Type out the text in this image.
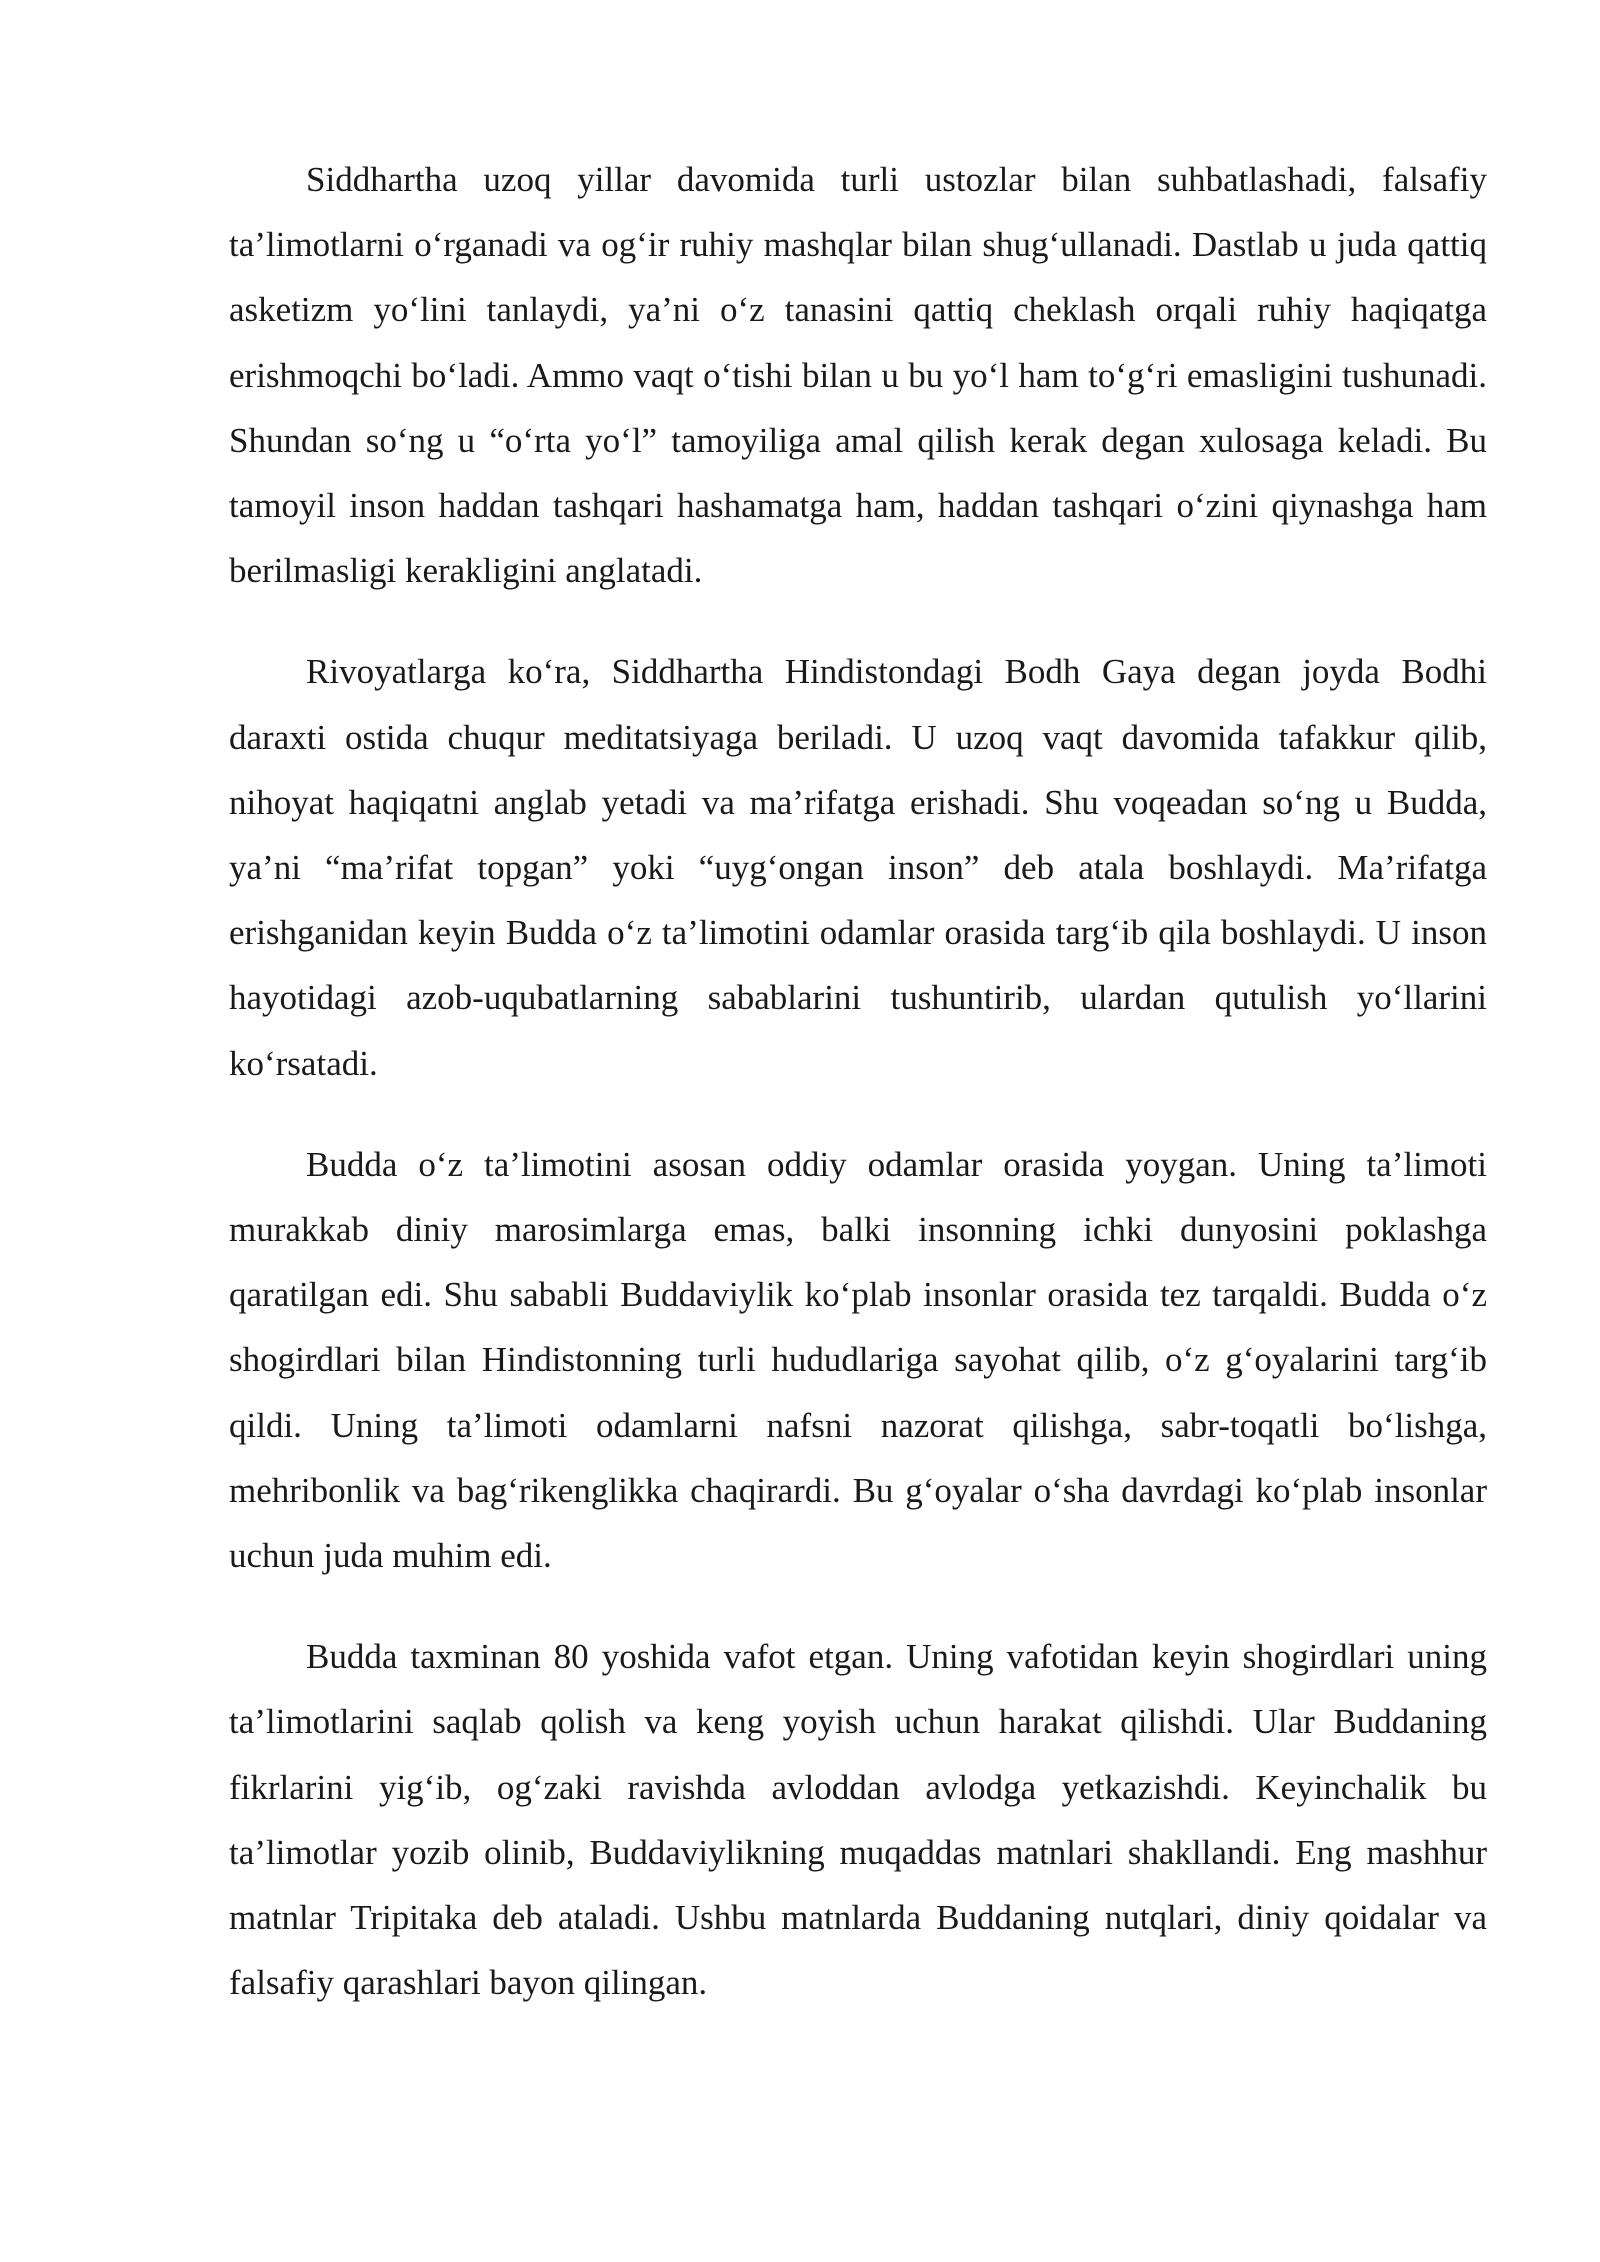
Siddhartha uzoq yillar davomida turli ustozlar bilan suhbatlashadi, falsafiy ta’limotlarni o‘rganadi va og‘ir ruhiy mashqlar bilan shug‘ullanadi. Dastlab u juda qattiq asketizm yo‘lini tanlaydi, ya’ni o‘z tanasini qattiq cheklash orqali ruhiy haqiqatga erishmoqchi bo‘ladi. Ammo vaqt o‘tishi bilan u bu yo‘l ham to‘g‘ri emasligini tushunadi. Shundan so‘ng u “o‘rta yo‘l” tamoyiliga amal qilish kerak degan xulosaga keladi. Bu tamoyil inson haddan tashqari hashamatga ham, haddan tashqari o‘zini qiynashga ham berilmasligi kerakligini anglatadi.

Rivoyatlarga ko‘ra, Siddhartha Hindistondagi Bodh Gaya degan joyda Bodhi daraxti ostida chuqur meditatsiyaga beriladi. U uzoq vaqt davomida tafakkur qilib, nihoyat haqiqatni anglab yetadi va ma’rifatga erishadi. Shu voqeadan so‘ng u Budda, ya’ni “ma’rifat topgan” yoki “uyg‘ongan inson” deb atala boshlaydi. Ma’rifatga erishganidan keyin Budda o‘z ta’limotini odamlar orasida targ‘ib qila boshlaydi. U inson hayotidagi azob-uqubatlarning sabablarini tushuntirib, ulardan qutulish yo‘llarini ko‘rsatadi.

Budda o‘z ta’limotini asosan oddiy odamlar orasida yoygan. Uning ta’limoti murakkab diniy marosimlarga emas, balki insonning ichki dunyosini poklashga qaratilgan edi. Shu sababli Buddaviylik ko‘plab insonlar orasida tez tarqaldi. Budda o‘z shogirdlari bilan Hindistonning turli hududlariga sayohat qilib, o‘z g‘oyalarini targ‘ib qildi. Uning ta’limoti odamlarni nafsni nazorat qilishga, sabr-toqatli bo‘lishga, mehribonlik va bag‘rikenglikka chaqirardi. Bu g‘oyalar o‘sha davrdagi ko‘plab insonlar uchun juda muhim edi.

Budda taxminan 80 yoshida vafot etgan. Uning vafotidan keyin shogirdlari uning ta’limotlarini saqlab qolish va keng yoyish uchun harakat qilishdi. Ular Buddaning fikrlarini yig‘ib, og‘zaki ravishda avloddan avlodga yetkazishdi. Keyinchalik bu ta’limotlar yozib olinib, Buddaviylikning muqaddas matnlari shakllandi. Eng mashhur matnlar Tripitaka deb ataladi. Ushbu matnlarda Buddaning nutqlari, diniy qoidalar va falsafiy qarashlari bayon qilingan.
